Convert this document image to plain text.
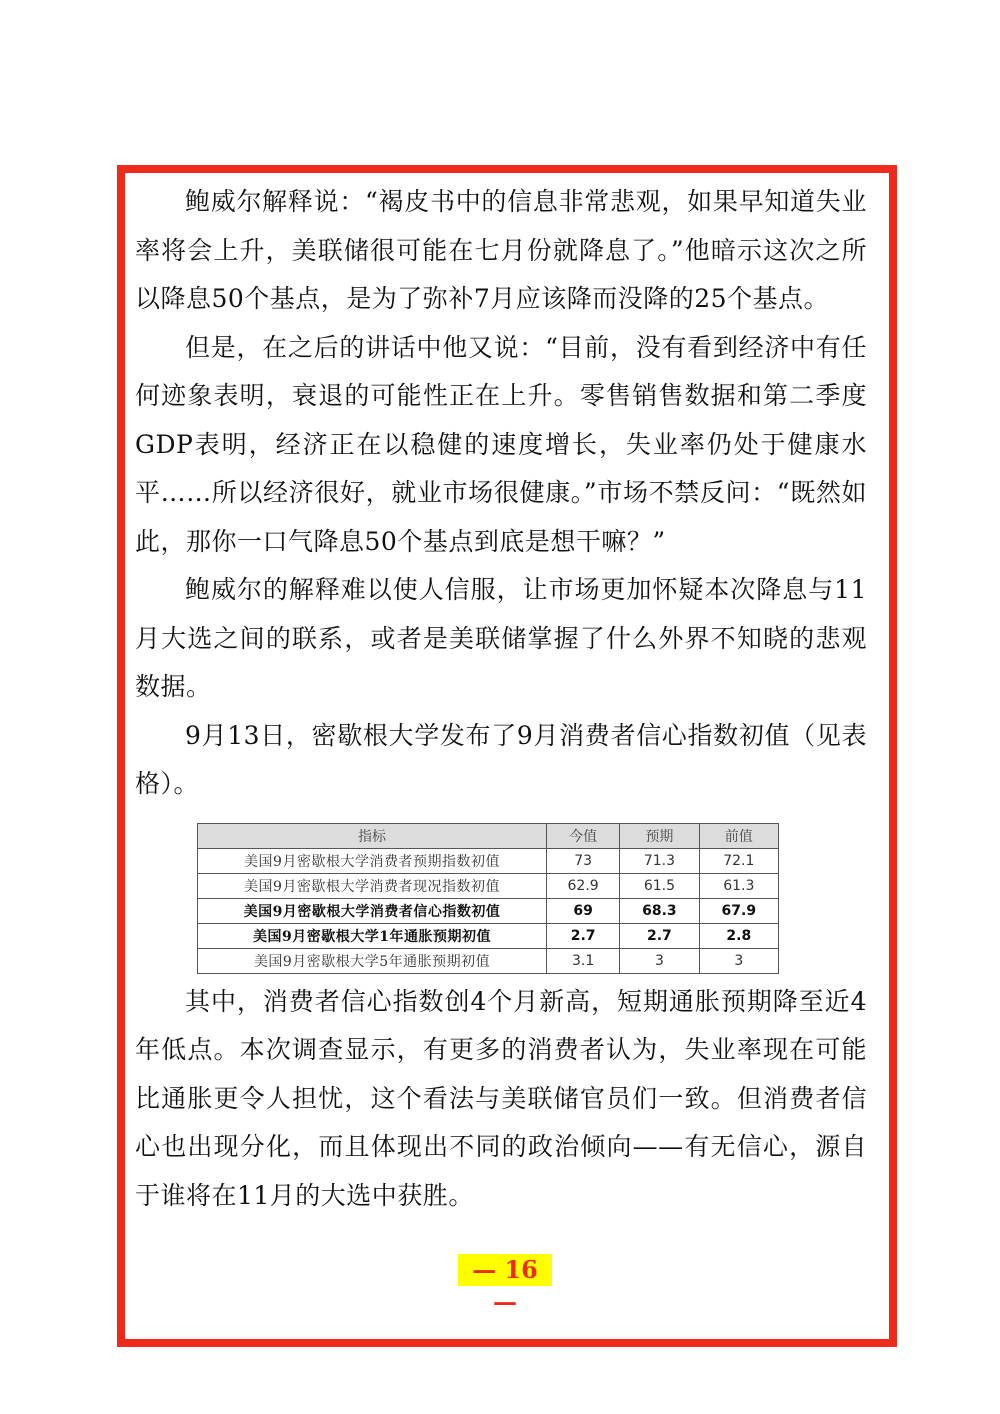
鲍威尔解释说：“褐皮书中的信息非常悲观，如果早知道失业率将会上升，美联储很可能在七月份就降息了。”他暗示这次之所以降息50个基点，是为了弥补7月应该降而没降的25个基点。

但是，在之后的讲话中他又说：“目前，没有看到经济中有任何迹象表明，衰退的可能性正在上升。零售销售数据和第二季度GDP表明，经济正在以稳健的速度增长，失业率仍处于健康水平……所以经济很好，就业市场很健康。”市场不禁反问：“既然如此，那你一口气降息50个基点到底是想干嘛？”

鲍威尔的解释难以使人信服，让市场更加怀疑本次降息与11月大选之间的联系，或者是美联储掌握了什么外界不知晓的悲观数据。

9月13日，密歇根大学发布了9月消费者信心指数初值（见表格）。

指标	今值	预期	前值
美国9月密歇根大学消费者预期指数初值	73	71.3	72.1
美国9月密歇根大学消费者现况指数初值	62.9	61.5	61.3
美国9月密歇根大学消费者信心指数初值	69	68.3	67.9
美国9月密歇根大学1年通胀预期初值	2.7	2.7	2.8
美国9月密歇根大学5年通胀预期初值	3.1	3	3

其中，消费者信心指数创4个月新高，短期通胀预期降至近4年低点。本次调查显示，有更多的消费者认为，失业率现在可能比通胀更令人担忧，这个看法与美联储官员们一致。但消费者信心也出现分化，而且体现出不同的政治倾向——有无信心，源自于谁将在11月的大选中获胜。

— 16 —
